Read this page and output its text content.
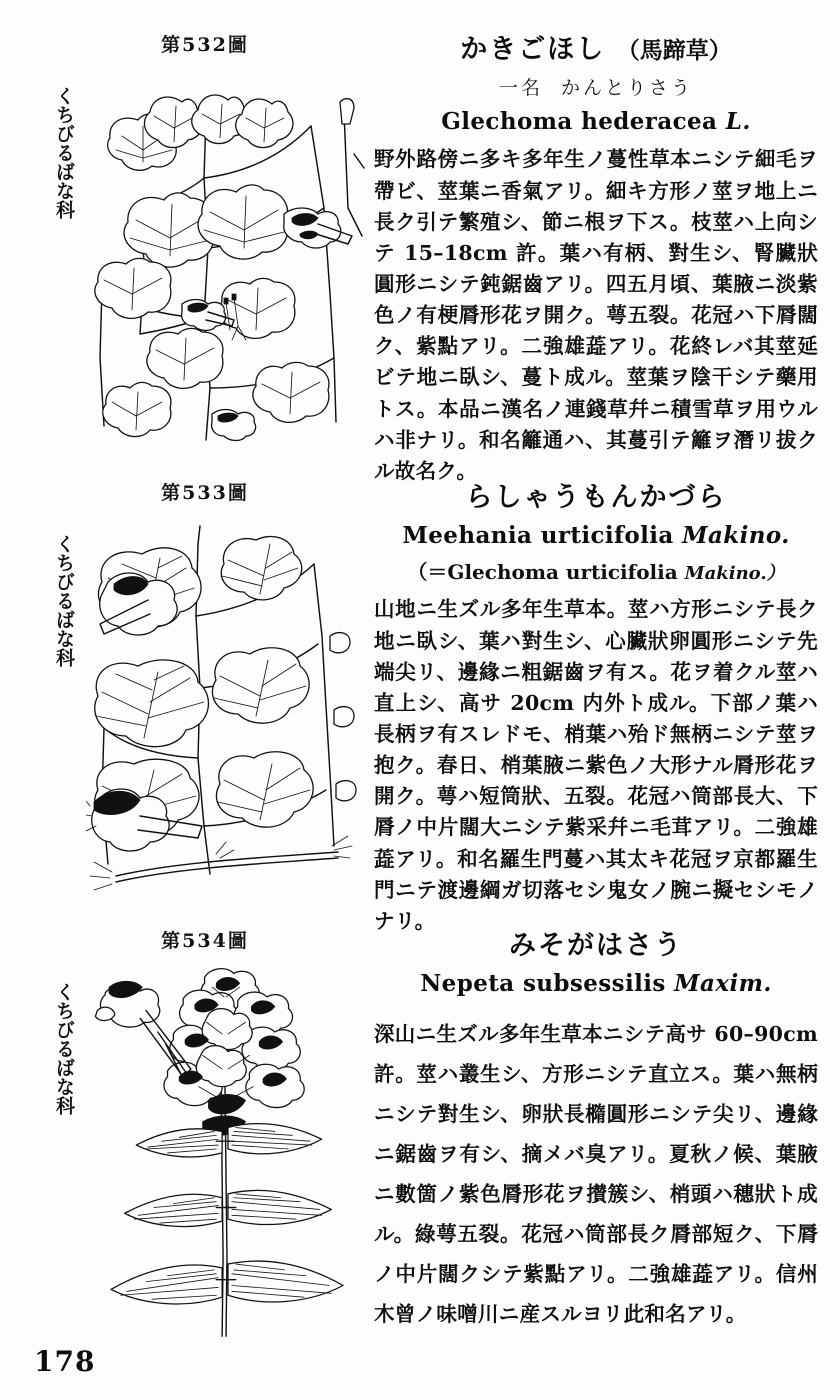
第532圖
くちびるばな科
かきごほし （馬蹄草）
一名 かんとりさう
Glechoma hederacea L.
野外路傍ニ多キ多年生ノ蔓性草本ニシテ細毛ヲ帶ビ、莖葉ニ香氣アリ。細キ方形ノ莖ヲ地上ニ長ク引テ繁殖シ、節ニ根ヲ下ス。枝莖ハ上向シテ 15–18cm 許。葉ハ有柄、對生シ、腎臟狀圓形ニシテ鈍鋸齒アリ。四五月頃、葉腋ニ淡紫色ノ有梗脣形花ヲ開ク。萼五裂。花冠ハ下脣闊ク、紫點アリ。二強雄蕋アリ。花終レバ其莖延ビテ地ニ臥シ、蔓ト成ル。莖葉ヲ陰干シテ藥用トス。本品ニ漢名ノ連錢草幷ニ積雪草ヲ用ウルハ非ナリ。和名籬通ハ、其蔓引テ籬ヲ潛リ拔クル故名ク。
第533圖
くちびるばな科
らしゃうもんかづら
Meehania urticifolia Makino.
（＝Glechoma urticifolia Makino.）
山地ニ生ズル多年生草本。莖ハ方形ニシテ長ク地ニ臥シ、葉ハ對生シ、心臟狀卵圓形ニシテ先端尖リ、邊緣ニ粗鋸齒ヲ有ス。花ヲ着クル莖ハ直上シ、高サ 20cm 内外ト成ル。下部ノ葉ハ長柄ヲ有スレドモ、梢葉ハ殆ド無柄ニシテ莖ヲ抱ク。春日、梢葉腋ニ紫色ノ大形ナル脣形花ヲ開ク。萼ハ短筒狀、五裂。花冠ハ筒部長大、下脣ノ中片闊大ニシテ紫采幷ニ毛茸アリ。二強雄蕋アリ。和名羅生門蔓ハ其太キ花冠ヲ京都羅生門ニテ渡邊綱ガ切落セシ鬼女ノ腕ニ擬セシモノナリ。
第534圖
くちびるばな科
みそがはさう
Nepeta subsessilis Maxim.
深山ニ生ズル多年生草本ニシテ高サ 60–90cm 許。莖ハ叢生シ、方形ニシテ直立ス。葉ハ無柄ニシテ對生シ、卵狀長橢圓形ニシテ尖リ、邊緣ニ鋸齒ヲ有シ、摘メバ臭アリ。夏秋ノ候、葉腋ニ數箇ノ紫色脣形花ヲ攅簇シ、梢頭ハ穗狀ト成ル。綠萼五裂。花冠ハ筒部長ク脣部短ク、下脣ノ中片闊クシテ紫點アリ。二強雄蕋アリ。信州木曾ノ味噌川ニ産スルヨリ此和名アリ。
178
